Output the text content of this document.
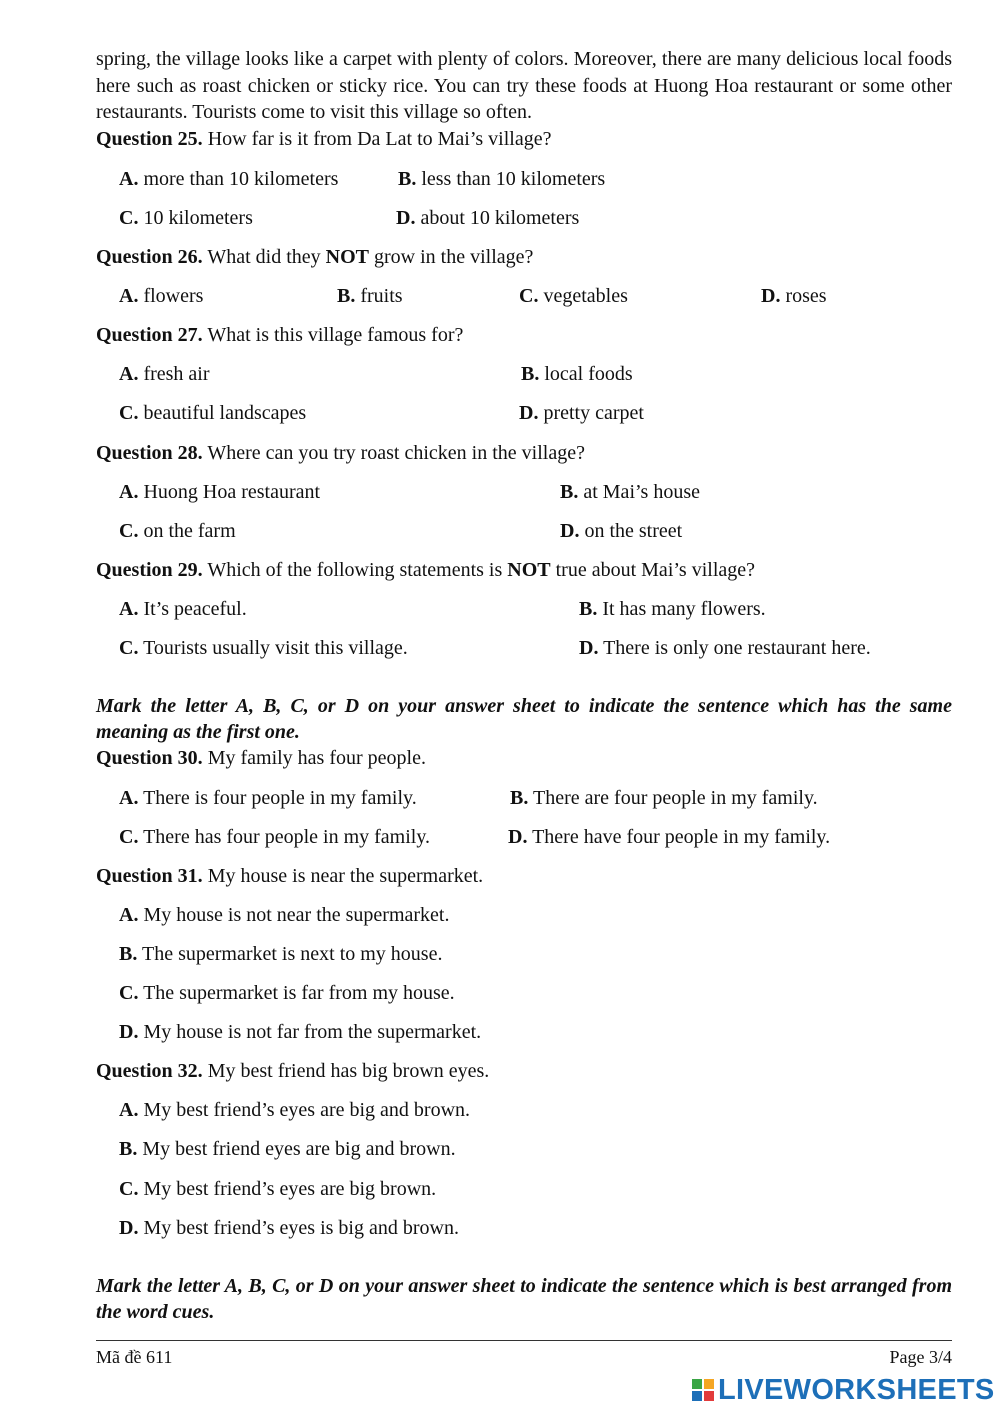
spring, the village looks like a carpet with plenty of colors. Moreover, there are many delicious local foods here such as roast chicken or sticky rice. You can try these foods at Huong Hoa restaurant or some other restaurants. Tourists come to visit this village so often.

Question 25. How far is it from Da Lat to Mai’s village?
A. more than 10 kilometers	B. less than 10 kilometers
C. 10 kilometers	D. about 10 kilometers
Question 26. What did they NOT grow in the village?
A. flowers	B. fruits	C. vegetables	D. roses
Question 27. What is this village famous for?
A. fresh air	B. local foods
C. beautiful landscapes	D. pretty carpet
Question 28. Where can you try roast chicken in the village?
A. Huong Hoa restaurant	B. at Mai’s house
C. on the farm	D. on the street
Question 29. Which of the following statements is NOT true about Mai’s village?
A. It’s peaceful.	B. It has many flowers.
C. Tourists usually visit this village.	D. There is only one restaurant here.

Mark the letter A, B, C, or D on your answer sheet to indicate the sentence which has the same meaning as the first one.

Question 30. My family has four people.
A. There is four people in my family.	B. There are four people in my family.
C. There has four people in my family.	D. There have four people in my family.
Question 31. My house is near the supermarket.
A. My house is not near the supermarket.
B. The supermarket is next to my house.
C. The supermarket is far from my house.
D. My house is not far from the supermarket.
Question 32. My best friend has big brown eyes.
A. My best friend’s eyes are big and brown.
B. My best friend eyes are big and brown.
C. My best friend’s eyes are big brown.
D. My best friend’s eyes is big and brown.

Mark the letter A, B, C, or D on your answer sheet to indicate the sentence which is best arranged from the word cues.

Mã đề 611	Page 3/4
LIVEWORKSHEETS
